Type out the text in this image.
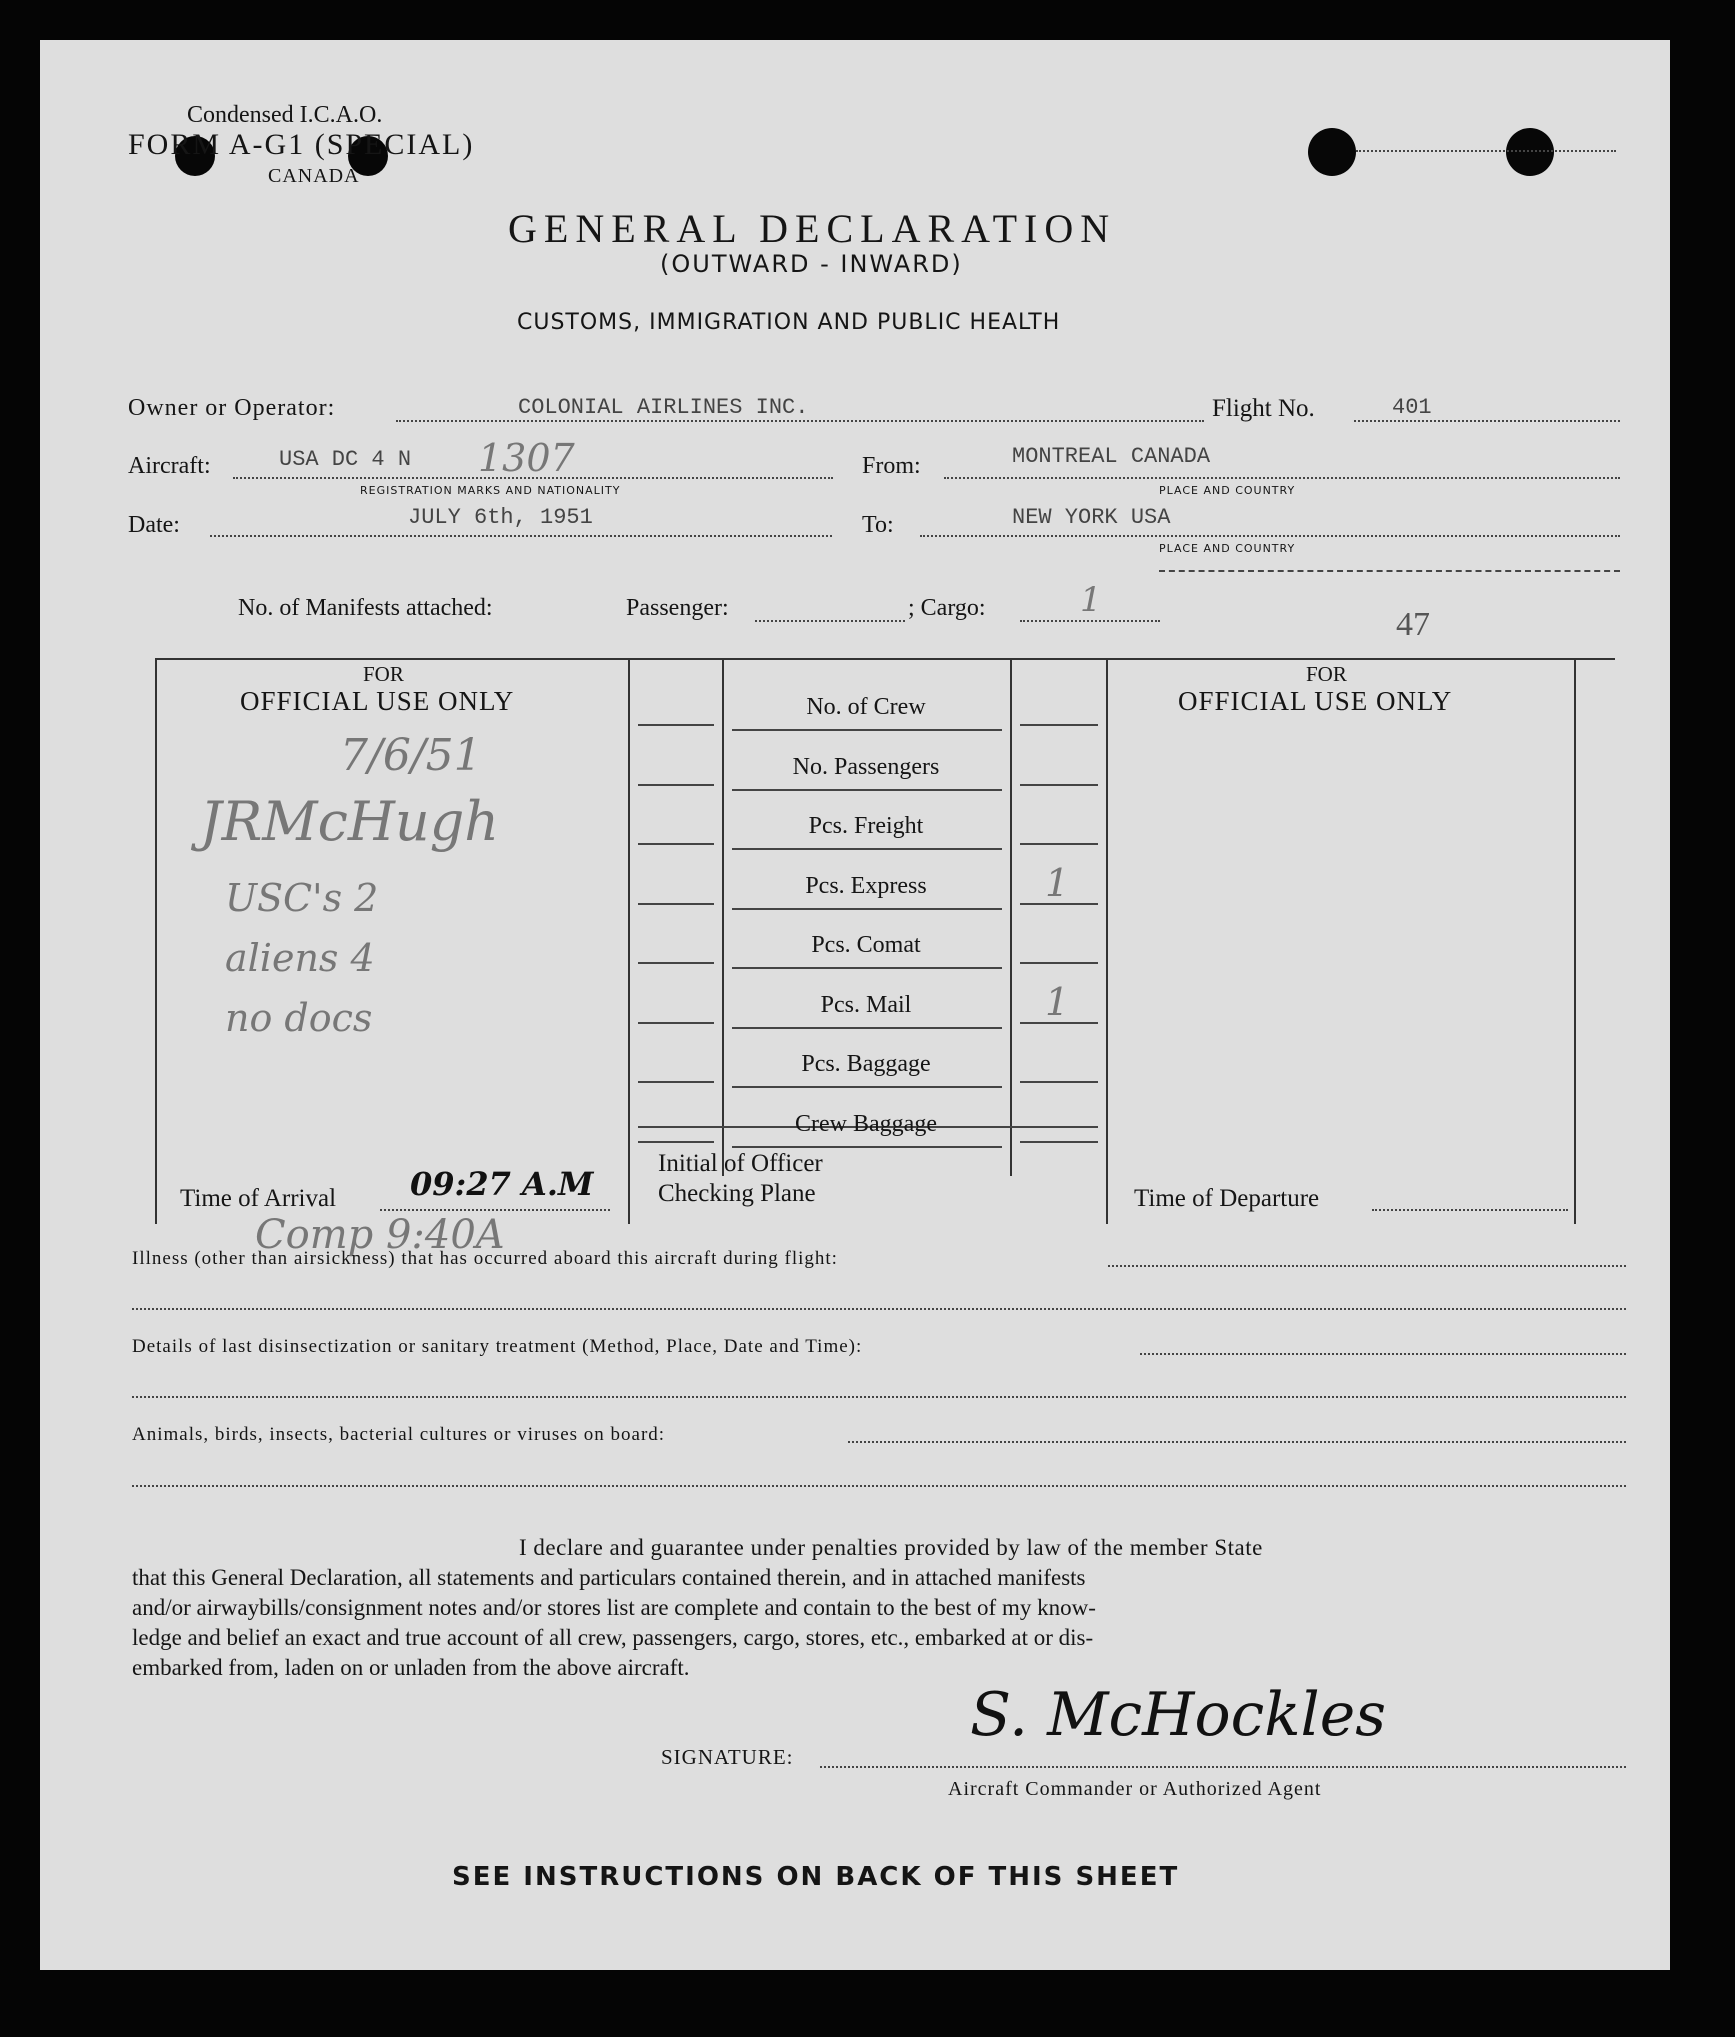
Condensed I.C.A.O.
FORM A-G1 (SPECIAL)
CANADA
GENERAL DECLARATION
(OUTWARD - INWARD)
CUSTOMS, IMMIGRATION AND PUBLIC HEALTH
Owner or Operator:	COLONIAL AIRLINES INC.	Flight No.	401
Aircraft:	USA DC 4 N 1307
REGISTRATION MARKS AND NATIONALITY
From:	MONTREAL CANADA
PLACE AND COUNTRY
Date:	JULY 6th, 1951	To:	NEW YORK USA
PLACE AND COUNTRY
No. of Manifests attached:	Passenger:	; Cargo:	1
47
FOR
OFFICIAL USE ONLY
7/6/51
JRMcHugh
USC's 2
aliens 4
no docs
Time of Arrival 09:27 A.M
Comp 9:40A
Initial of Officer
Checking Plane
FOR
OFFICIAL USE ONLY
Time of Departure
Illness (other than airsickness) that has occurred aboard this aircraft during flight:
Details of last disinsectization or sanitary treatment (Method, Place, Date and Time):
Animals, birds, insects, bacterial cultures or viruses on board:
I declare and guarantee under penalties provided by law of the member State
that this General Declaration, all statements and particulars contained therein, and in attached manifests
and/or airwaybills/consignment notes and/or stores list are complete and contain to the best of my know-
ledge and belief an exact and true account of all crew, passengers, cargo, stores, etc., embarked at or dis-
embarked from, laden on or unladen from the above aircraft.
S. McHockles
SIGNATURE:
Aircraft Commander or Authorized Agent
SEE INSTRUCTIONS ON BACK OF THIS SHEET
No. of Crew
No. Passengers
Pcs. Freight
Pcs. Express	1
Pcs. Comat
Pcs. Mail	1
Pcs. Baggage
Crew Baggage
